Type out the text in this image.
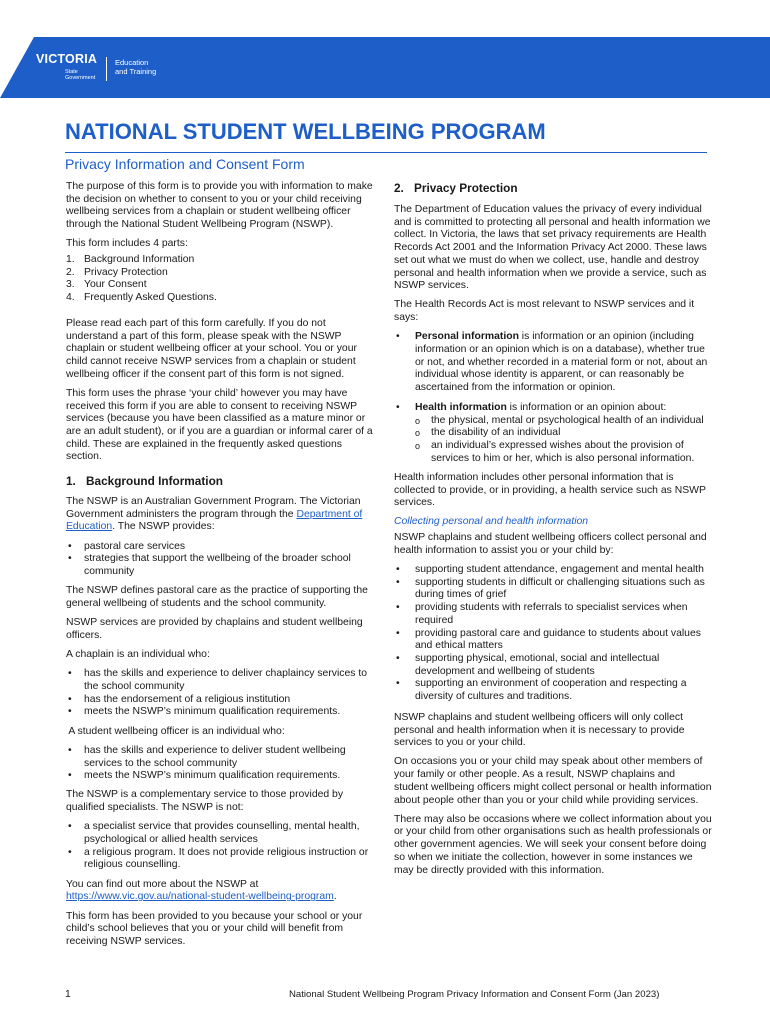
VICTORIA
State
Government
Education
and Training
NATIONAL STUDENT WELLBEING PROGRAM
Privacy Information and Consent Form
The purpose of this form is to provide you with information to make the decision on whether to consent to you or your child receiving wellbeing services from a chaplain or student wellbeing officer through the National Student Wellbeing Program (NSWP).
This form includes 4 parts:
1. Background Information
2. Privacy Protection
3. Your Consent
4. Frequently Asked Questions.
Please read each part of this form carefully. If you do not understand a part of this form, please speak with the NSWP chaplain or student wellbeing officer at your school. You or your child cannot receive NSWP services from a chaplain or student wellbeing officer if the consent part of this form is not signed.
This form uses the phrase ‘your child’ however you may have received this form if you are able to consent to receiving NSWP services (because you have been classified as a mature minor or are an adult student), or if you are a guardian or informal carer of a child. These are explained in the frequently asked questions section.
1. Background Information
The NSWP is an Australian Government Program. The Victorian Government administers the program through the Department of Education. The NSWP provides:
• pastoral care services
• strategies that support the wellbeing of the broader school community
The NSWP defines pastoral care as the practice of supporting the general wellbeing of students and the school community.
NSWP services are provided by chaplains and student wellbeing officers.
A chaplain is an individual who:
• has the skills and experience to deliver chaplaincy services to the school community
• has the endorsement of a religious institution
• meets the NSWP’s minimum qualification requirements.
A student wellbeing officer is an individual who:
• has the skills and experience to deliver student wellbeing services to the school community
• meets the NSWP’s minimum qualification requirements.
The NSWP is a complementary service to those provided by qualified specialists. The NSWP is not:
• a specialist service that provides counselling, mental health, psychological or allied health services
• a religious program. It does not provide religious instruction or religious counselling.
You can find out more about the NSWP at
https://www.vic.gov.au/national-student-wellbeing-program.
This form has been provided to you because your school or your child’s school believes that you or your child will benefit from receiving NSWP services.
2. Privacy Protection
The Department of Education values the privacy of every individual and is committed to protecting all personal and health information we collect. In Victoria, the laws that set privacy requirements are Health Records Act 2001 and the Information Privacy Act 2000. These laws set out what we must do when we collect, use, handle and destroy personal and health information when we provide a service, such as NSWP services.
The Health Records Act is most relevant to NSWP services and it says:
• Personal information is information or an opinion (including information or an opinion which is on a database), whether true or not, and whether recorded in a material form or not, about an individual whose identity is apparent, or can reasonably be ascertained from the information or opinion.
• Health information is information or an opinion about:
o the physical, mental or psychological health of an individual
o the disability of an individual
o an individual’s expressed wishes about the provision of services to him or her, which is also personal information.
Health information includes other personal information that is collected to provide, or in providing, a health service such as NSWP services.
Collecting personal and health information
NSWP chaplains and student wellbeing officers collect personal and health information to assist you or your child by:
• supporting student attendance, engagement and mental health
• supporting students in difficult or challenging situations such as during times of grief
• providing students with referrals to specialist services when required
• providing pastoral care and guidance to students about values and ethical matters
• supporting physical, emotional, social and intellectual development and wellbeing of students
• supporting an environment of cooperation and respecting a diversity of cultures and traditions.
NSWP chaplains and student wellbeing officers will only collect personal and health information when it is necessary to provide services to you or your child.
On occasions you or your child may speak about other members of your family or other people. As a result, NSWP chaplains and student wellbeing officers might collect personal or health information about people other than you or your child while providing services.
There may also be occasions where we collect information about you or your child from other organisations such as health professionals or other government agencies. We will seek your consent before doing so when we initiate the collection, however in some instances we may be directly provided with this information.
1	National Student Wellbeing Program Privacy Information and Consent Form (Jan 2023)
